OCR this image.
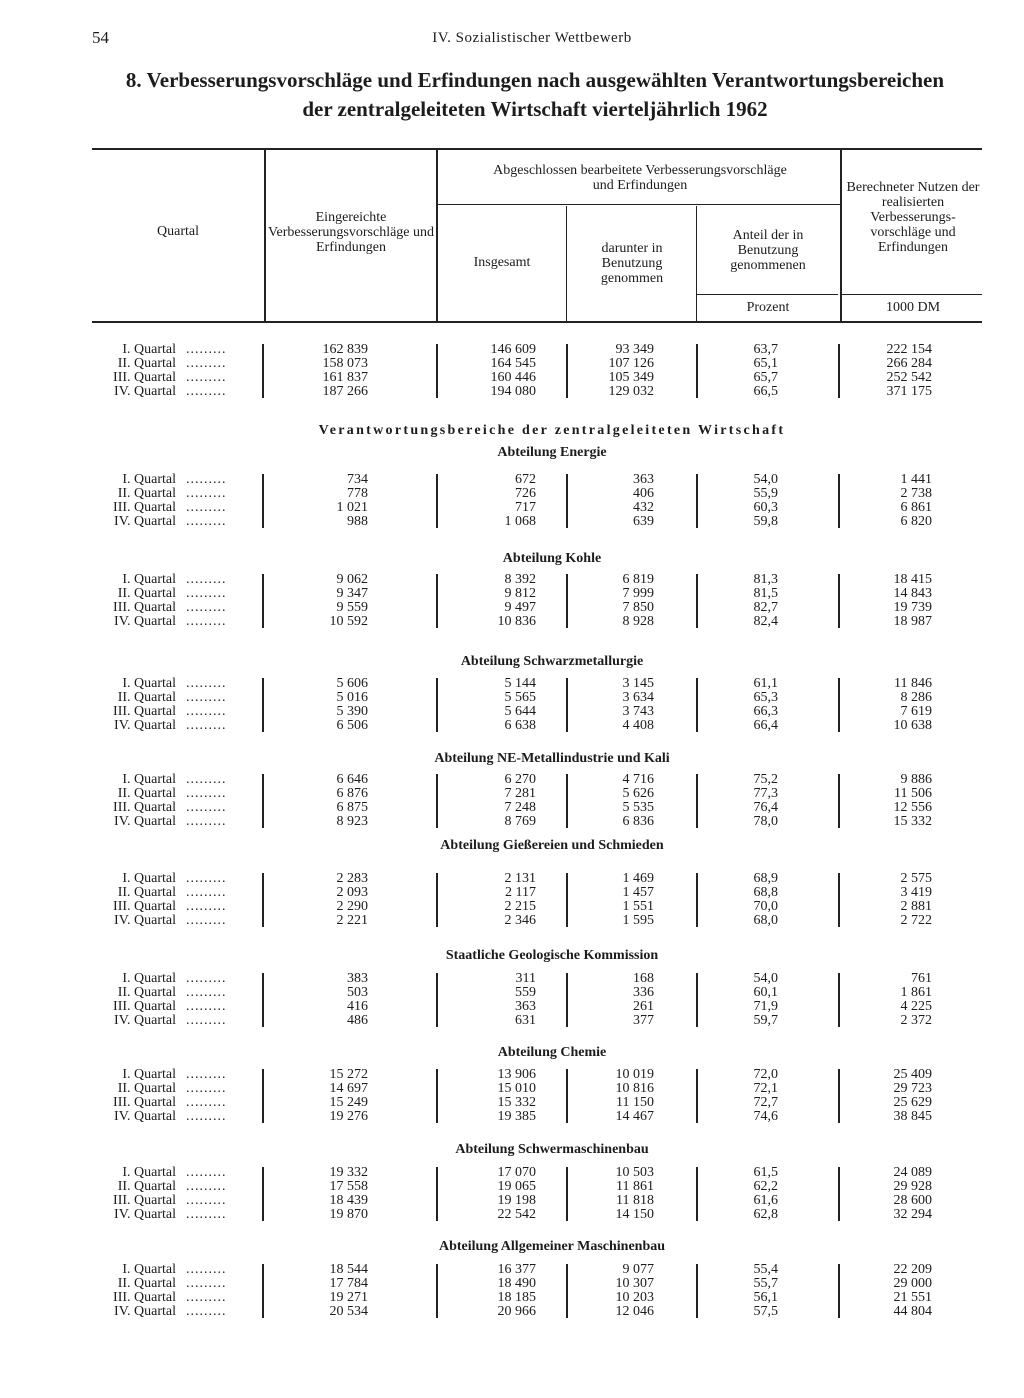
54	IV. Sozialistischer Wettbewerb
8. Verbesserungsvorschläge und Erfindungen nach ausgewählten Verantwortungsbereichen
der zentralgeleiteten Wirtschaft vierteljährlich 1962
Quartal
Eingereichte Verbesserungsvorschläge und Erfindungen
Abgeschlossen bearbeitete Verbesserungsvorschläge und Erfindungen
Insgesamt
darunter in Benutzung genommen
Anteil der in Benutzung genommenen
Prozent
Berechneter Nutzen der realisierten Verbesserungs-vorschläge und Erfindungen
1000 DM
Verantwortungsbereiche der zentralgeleiteten Wirtschaft
I. Quartal .........	162 839	146 609	93 349	63,7	222 154
II. Quartal .........	158 073	164 545	107 126	65,1	266 284
III. Quartal .........	161 837	160 446	105 349	65,7	252 542
IV. Quartal .........	187 266	194 080	129 032	66,5	371 175
Abteilung Energie
I. Quartal .........	734	672	363	54,0	1 441
II. Quartal .........	778	726	406	55,9	2 738
III. Quartal .........	1 021	717	432	60,3	6 861
IV. Quartal .........	988	1 068	639	59,8	6 820
Abteilung Kohle
I. Quartal .........	9 062	8 392	6 819	81,3	18 415
II. Quartal .........	9 347	9 812	7 999	81,5	14 843
III. Quartal .........	9 559	9 497	7 850	82,7	19 739
IV. Quartal .........	10 592	10 836	8 928	82,4	18 987
Abteilung Schwarzmetallurgie
I. Quartal .........	5 606	5 144	3 145	61,1	11 846
II. Quartal .........	5 016	5 565	3 634	65,3	8 286
III. Quartal .........	5 390	5 644	3 743	66,3	7 619
IV. Quartal .........	6 506	6 638	4 408	66,4	10 638
Abteilung NE-Metallindustrie und Kali
I. Quartal .........	6 646	6 270	4 716	75,2	9 886
II. Quartal .........	6 876	7 281	5 626	77,3	11 506
III. Quartal .........	6 875	7 248	5 535	76,4	12 556
IV. Quartal .........	8 923	8 769	6 836	78,0	15 332
Abteilung Gießereien und Schmieden
I. Quartal .........	2 283	2 131	1 469	68,9	2 575
II. Quartal .........	2 093	2 117	1 457	68,8	3 419
III. Quartal .........	2 290	2 215	1 551	70,0	2 881
IV. Quartal .........	2 221	2 346	1 595	68,0	2 722
Staatliche Geologische Kommission
I. Quartal .........	383	311	168	54,0	761
II. Quartal .........	503	559	336	60,1	1 861
III. Quartal .........	416	363	261	71,9	4 225
IV. Quartal .........	486	631	377	59,7	2 372
Abteilung Chemie
I. Quartal .........	15 272	13 906	10 019	72,0	25 409
II. Quartal .........	14 697	15 010	10 816	72,1	29 723
III. Quartal .........	15 249	15 332	11 150	72,7	25 629
IV. Quartal .........	19 276	19 385	14 467	74,6	38 845
Abteilung Schwermaschinenbau
I. Quartal .........	19 332	17 070	10 503	61,5	24 089
II. Quartal .........	17 558	19 065	11 861	62,2	29 928
III. Quartal .........	18 439	19 198	11 818	61,6	28 600
IV. Quartal .........	19 870	22 542	14 150	62,8	32 294
Abteilung Allgemeiner Maschinenbau
I. Quartal .........	18 544	16 377	9 077	55,4	22 209
II. Quartal .........	17 784	18 490	10 307	55,7	29 000
III. Quartal .........	19 271	18 185	10 203	56,1	21 551
IV. Quartal .........	20 534	20 966	12 046	57,5	44 804
